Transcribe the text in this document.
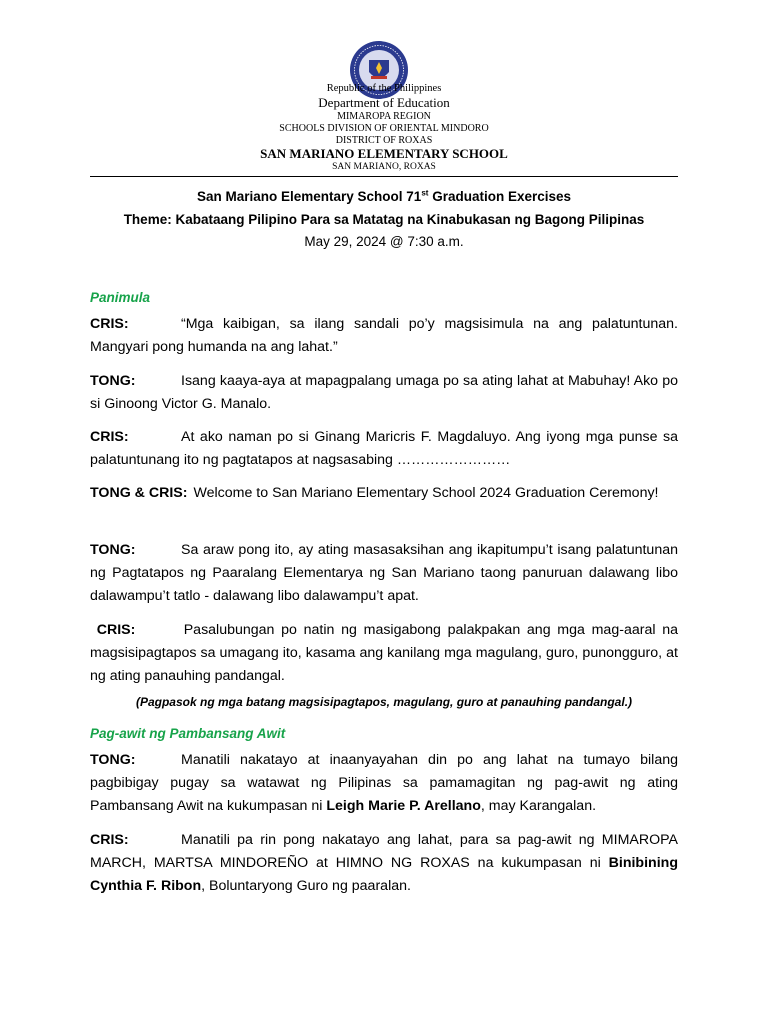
Republic of the Philippines
Department of Education
MIMAROPA REGION
SCHOOLS DIVISION OF ORIENTAL MINDORO
DISTRICT OF ROXAS
SAN MARIANO ELEMENTARY SCHOOL
SAN MARIANO, ROXAS
San Mariano Elementary School 71st Graduation Exercises
Theme: Kabataang Pilipino Para sa Matatag na Kinabukasan ng Bagong Pilipinas
May 29, 2024 @ 7:30 a.m.
Panimula
CRIS:	“Mga kaibigan, sa ilang sandali po’y magsisimula na ang palatuntunan. Mangyari pong humanda na ang lahat.”
TONG:	Isang kaaya-aya at mapagpalang umaga po sa ating lahat at Mabuhay! Ako po si Ginoong Victor G. Manalo.
CRIS:	At ako naman po si Ginang Maricris F. Magdaluyo. Ang iyong mga punse sa palatuntunang ito ng pagtatapos at nagsasabing ……………………
TONG & CRIS: Welcome to San Mariano Elementary School 2024 Graduation Ceremony!
TONG:	Sa araw pong ito, ay ating masasaksihan ang ikapitumpu’t isang palatuntunan ng Pagtatapos ng Paaralang Elementarya ng San Mariano taong panuruan dalawang libo dalawampu’t tatlo - dalawang libo dalawampu’t apat.
CRIS:	Pasalubungan po natin ng masigabong palakpakan ang mga mag-aaral na magsisipagtapos sa umagang ito, kasama ang kanilang mga magulang, guro, punongguro, at ng ating panauhing pandangal.
(Pagpasok ng mga batang magsisipagtapos, magulang, guro at panauhing pandangal.)
Pag-awit ng Pambansang Awit
TONG:	Manatili nakatayo at inaanyayahan din po ang lahat na tumayo bilang pagbibigay pugay sa watawat ng Pilipinas sa pamamagitan ng pag-awit ng ating Pambansang Awit na kukumpasan ni Leigh Marie P. Arellano, may Karangalan.
CRIS:	Manatili pa rin pong nakatayo ang lahat, para sa pag-awit ng MIMAROPA MARCH, MARTSA MINDOREÑO at HIMNO NG ROXAS na kukumpasan ni Binibining Cynthia F. Ribon, Boluntaryong Guro ng paaralan.
